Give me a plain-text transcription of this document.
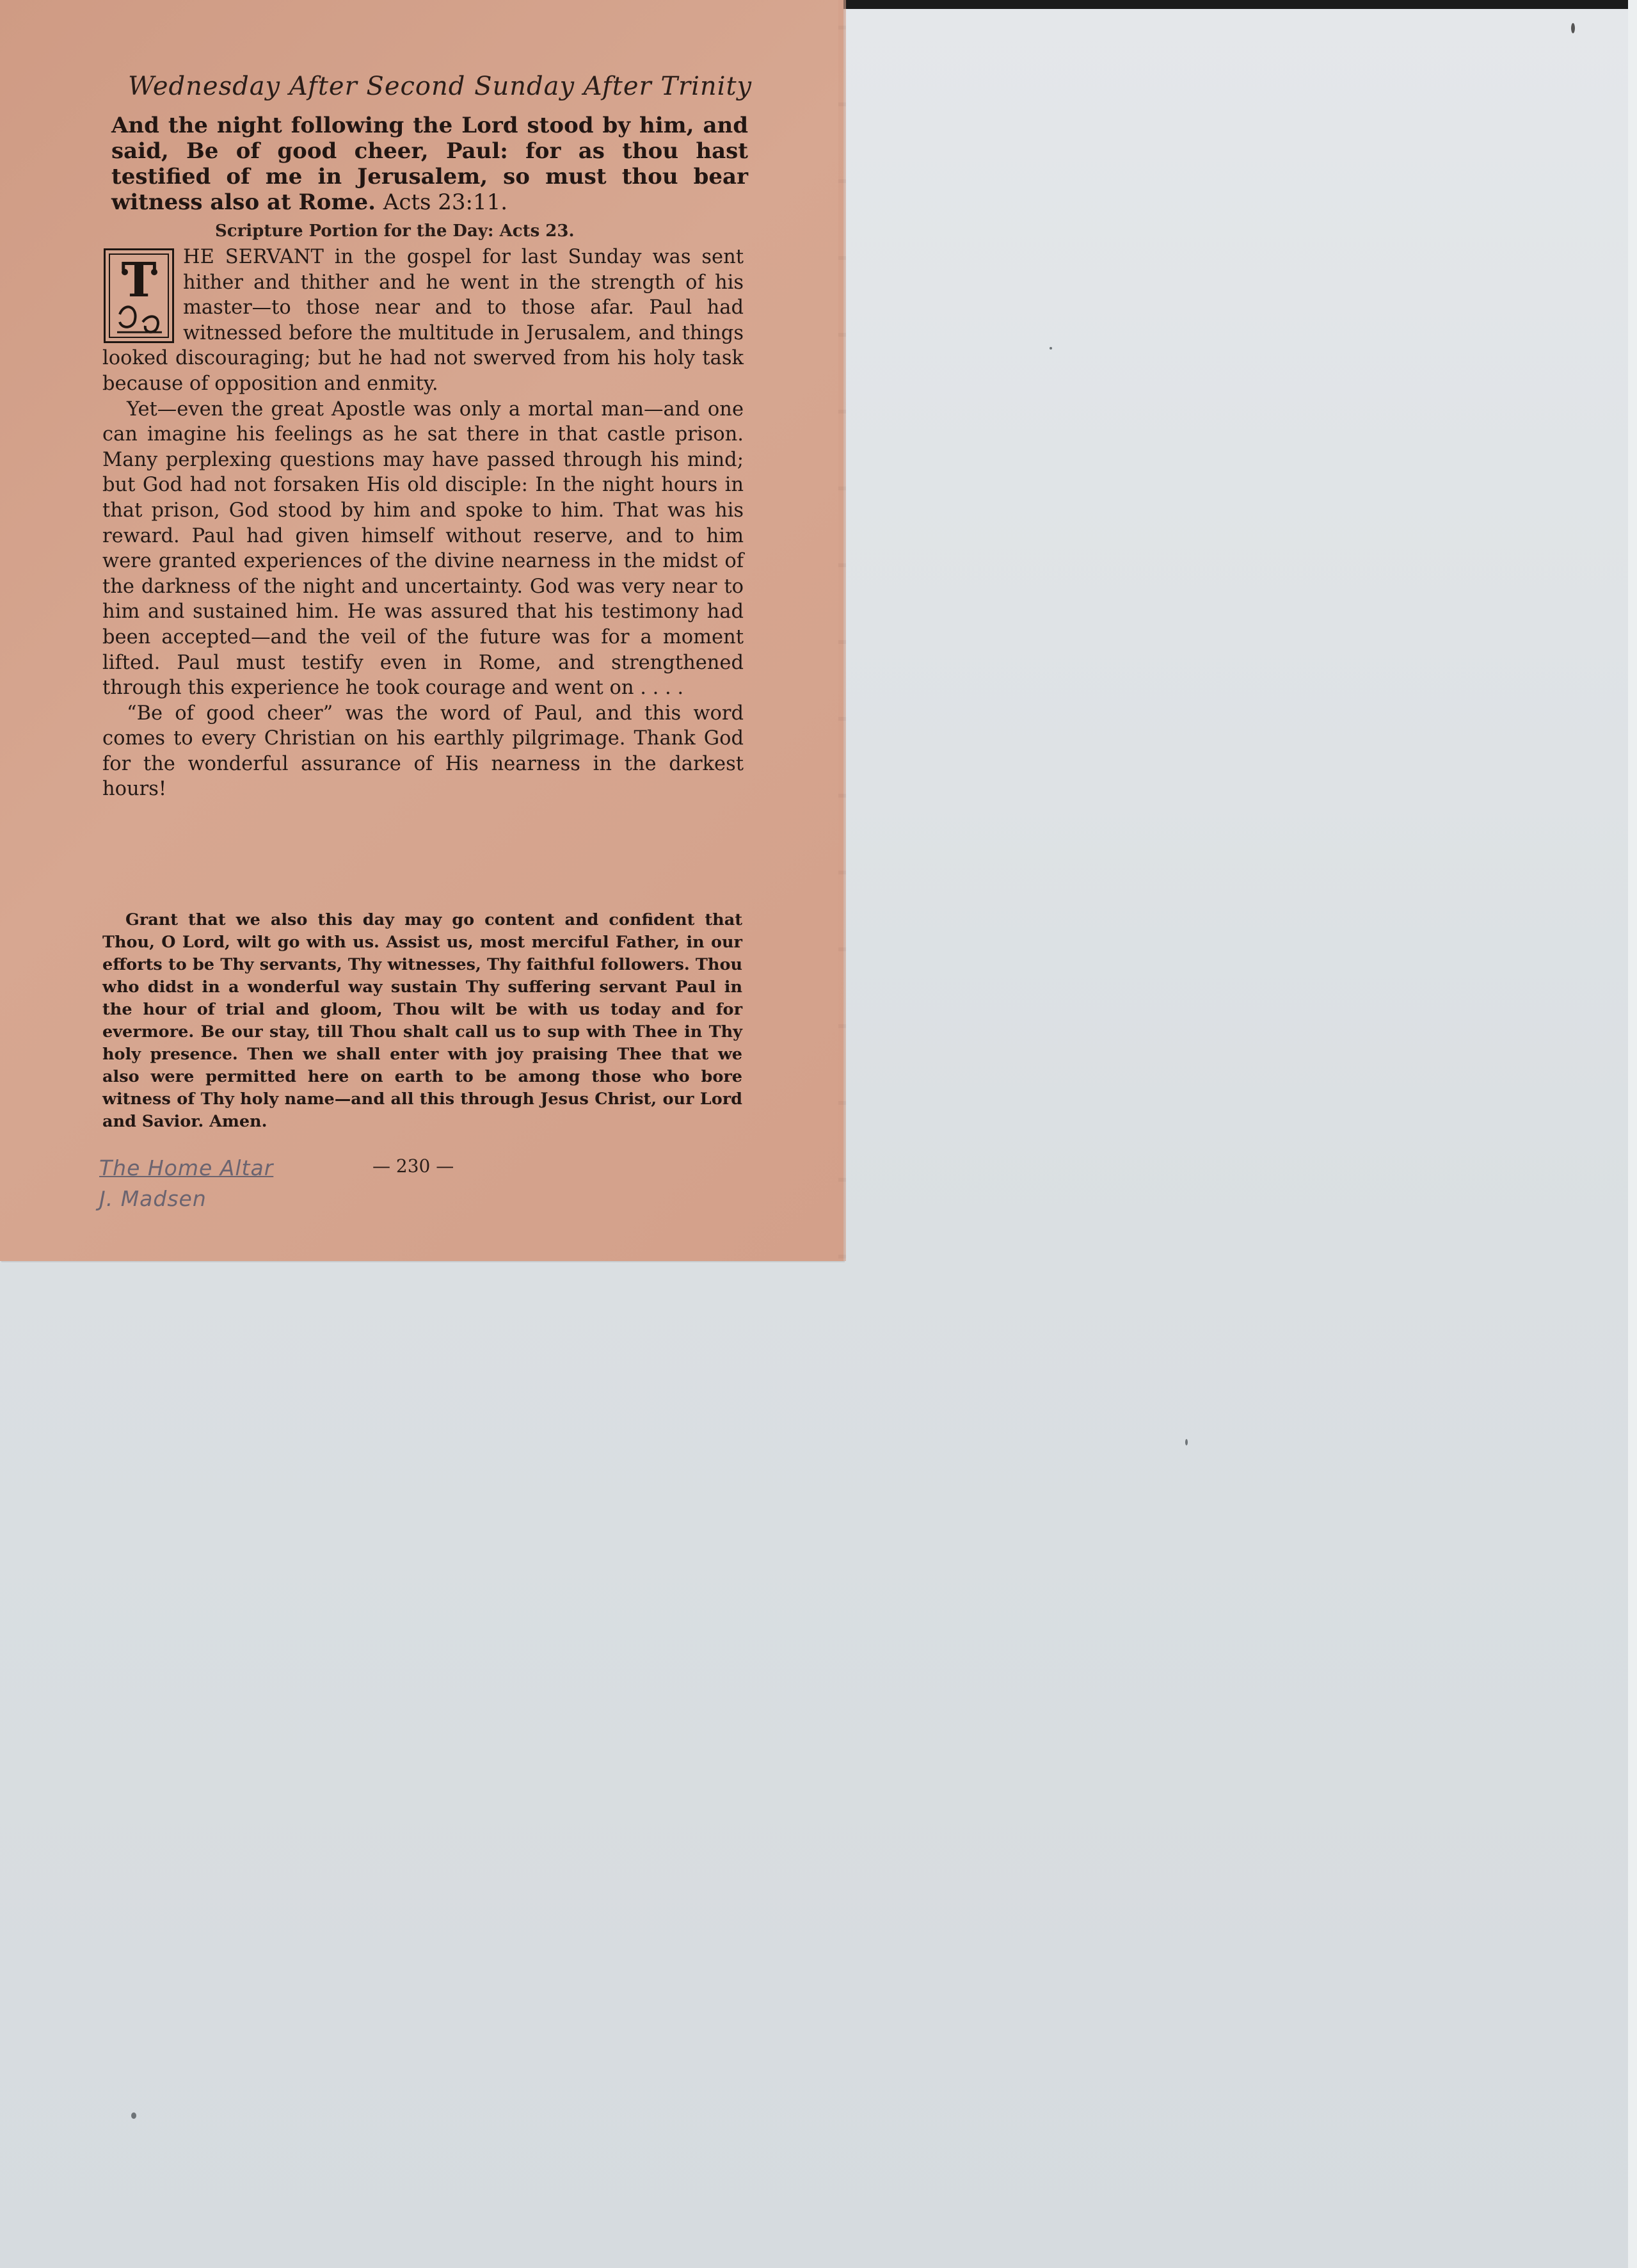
Wednesday After Second Sunday After Trinity
And the night following the Lord stood by him, and said, Be of good cheer, Paul: for as thou hast testified of me in Jerusalem, so must thou bear witness also at Rome. Acts 23:11.
Scripture Portion for the Day: Acts 23.
T	HE SERVANT in the gospel for last Sunday was sent hither and thither and he went in the strength of his master—to those near and to those afar. Paul had witnessed before the multitude in Jerusalem, and things looked discouraging; but he had not swerved from his holy task because of opposition and enmity.

Yet—even the great Apostle was only a mortal man—and one can imagine his feelings as he sat there in that castle prison. Many perplexing questions may have passed through his mind; but God had not forsaken His old disciple: In the night hours in that prison, God stood by him and spoke to him. That was his reward. Paul had given himself without reserve, and to him were granted experiences of the divine nearness in the midst of the darkness of the night and uncertainty. God was very near to him and sustained him. He was assured that his testimony had been accepted—and the veil of the future was for a moment lifted. Paul must testify even in Rome, and strengthened through this experience he took courage and went on . . . .

“Be of good cheer” was the word of Paul, and this word comes to every Christian on his earthly pilgrimage. Thank God for the wonderful assurance of His nearness in the darkest hours!

Grant that we also this day may go content and confident that Thou, O Lord, wilt go with us. Assist us, most merciful Father, in our efforts to be Thy servants, Thy witnesses, Thy faithful followers. Thou who didst in a wonderful way sustain Thy suffering servant Paul in the hour of trial and gloom, Thou wilt be with us today and for evermore. Be our stay, till Thou shalt call us to sup with Thee in Thy holy presence. Then we shall enter with joy praising Thee that we also were permitted here on earth to be among those who bore witness of Thy holy name—and all this through Jesus Christ, our Lord and Savior. Amen.
— 230 —
The Home Altar
J. Madsen
